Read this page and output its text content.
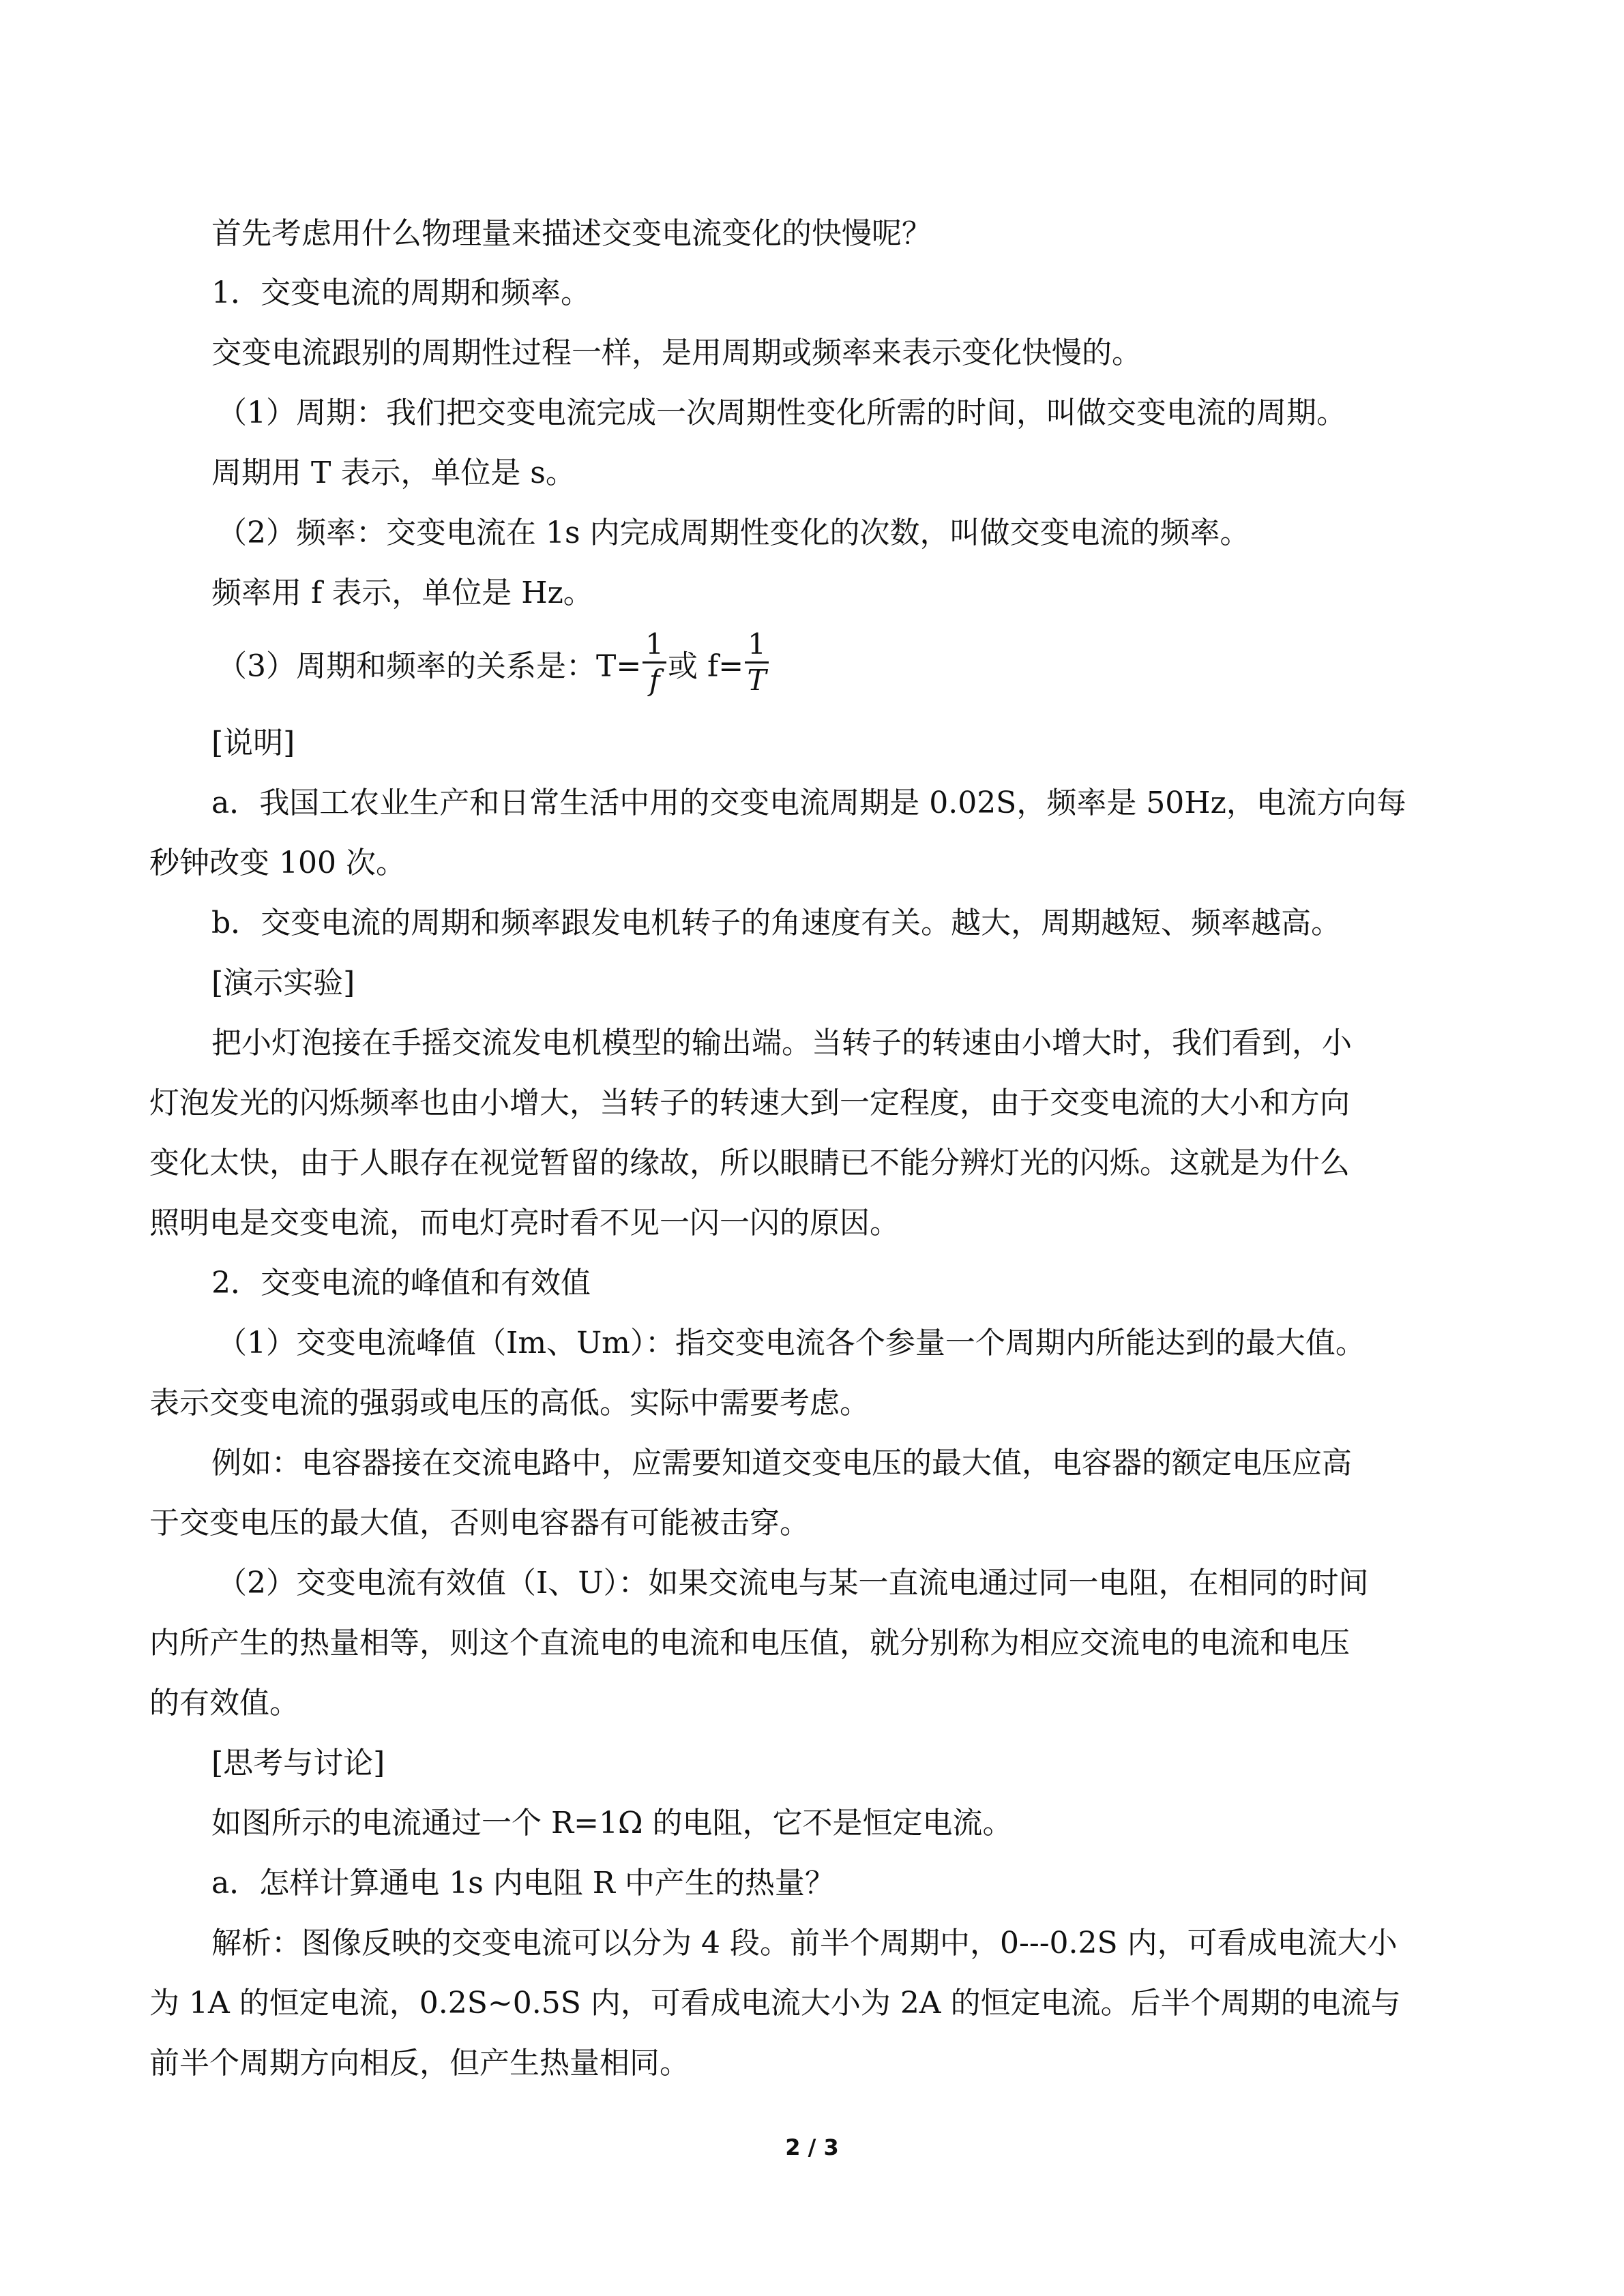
首先考虑用什么物理量来描述交变电流变化的快慢呢？
1．交变电流的周期和频率。
交变电流跟别的周期性过程一样，是用周期或频率来表示变化快慢的。
（1）周期：我们把交变电流完成一次周期性变化所需的时间，叫做交变电流的周期。
周期用 T 表示，单位是 s。
（2）频率：交变电流在 1s 内完成周期性变化的次数，叫做交变电流的频率。
频率用 f 表示，单位是 Hz。
（3）周期和频率的关系是：$T= \frac{1}{f}$ 或 $f= \frac{1}{T}$
[说明]
a．我国工农业生产和日常生活中用的交变电流周期是 0.02S，频率是 50Hz，电流方向每
秒钟改变 100 次。
b．交变电流的周期和频率跟发电机转子的角速度有关。越大，周期越短、频率越高。
[演示实验]
把小灯泡接在手摇交流发电机模型的输出端。当转子的转速由小增大时，我们看到，小
灯泡发光的闪烁频率也由小增大，当转子的转速大到一定程度，由于交变电流的大小和方向
变化太快，由于人眼存在视觉暂留的缘故，所以眼睛已不能分辨灯光的闪烁。这就是为什么
照明电是交变电流，而电灯亮时看不见一闪一闪的原因。
2．交变电流的峰值和有效值
（1）交变电流峰值（Im、Um）：指交变电流各个参量一个周期内所能达到的最大值。
表示交变电流的强弱或电压的高低。实际中需要考虑。
例如：电容器接在交流电路中，应需要知道交变电压的最大值，电容器的额定电压应高
于交变电压的最大值，否则电容器有可能被击穿。
（2）交变电流有效值（I、U）：如果交流电与某一直流电通过同一电阻，在相同的时间
内所产生的热量相等，则这个直流电的电流和电压值，就分别称为相应交流电的电流和电压
的有效值。
[思考与讨论]
如图所示的电流通过一个 R=1Ω 的电阻，它不是恒定电流。
a．怎样计算通电 1s 内电阻 R 中产生的热量？
解析：图像反映的交变电流可以分为 4 段。前半个周期中，0---0.2S 内，可看成电流大小
为 1A 的恒定电流，0.2S~0.5S 内，可看成电流大小为 2A 的恒定电流。后半个周期的电流与
前半个周期方向相反，但产生热量相同。
2 / 3
